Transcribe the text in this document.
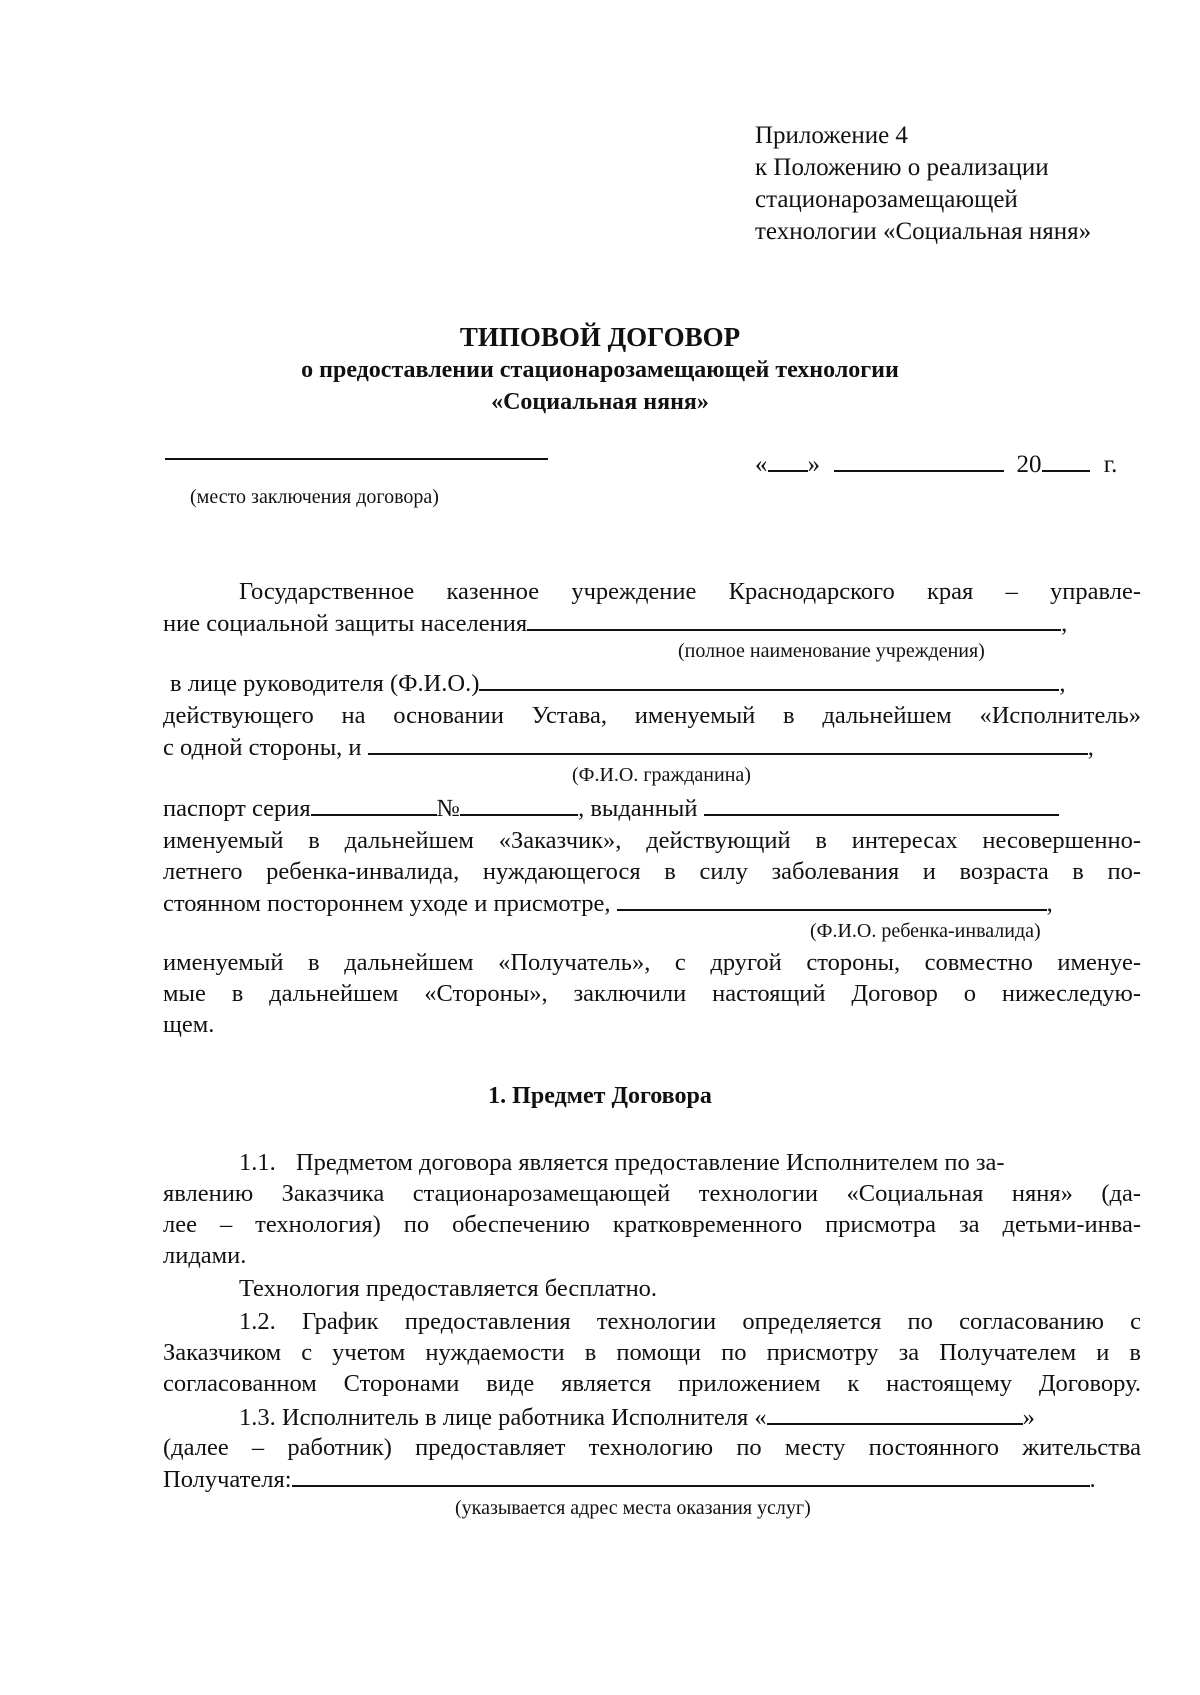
Приложение 4
к Положению о реализации
стационарозамещающей
технологии «Социальная няня»
ТИПОВОЙ ДОГОВОР
о предоставлении стационарозамещающей технологии
«Социальная няня»
(место заключения договора)
« »	20 г.
Государственное казенное учреждение Краснодарского края – управле-
ние социальной защиты населения	,
(полное наименование учреждения)
в лице руководителя (Ф.И.О.)	,
действующего на основании Устава, именуемый в дальнейшем «Исполнитель»
с одной стороны, и	,
(Ф.И.О. гражданина)
паспорт серия	№	, выданный
именуемый в дальнейшем «Заказчик», действующий в интересах несовершенно-
летнего ребенка-инвалида, нуждающегося в силу заболевания и возраста в по-
стоянном постороннем уходе и присмотре,	,
(Ф.И.О. ребенка-инвалида)
именуемый в дальнейшем «Получатель», с другой стороны, совместно именуе-
мые в дальнейшем «Стороны», заключили настоящий Договор о нижеследую-
щем.
1. Предмет Договора
1.1. Предметом договора является предоставление Исполнителем по за-
явлению Заказчика стационарозамещающей технологии «Социальная няня» (да-
лее – технология) по обеспечению кратковременного присмотра за детьми-инва-
лидами.
Технология предоставляется бесплатно.
1.2. График предоставления технологии определяется по согласованию с
Заказчиком с учетом нуждаемости в помощи по присмотру за Получателем и в
согласованном Сторонами виде является приложением к настоящему Договору.
1.3. Исполнитель в лице работника Исполнителя «	»
(далее – работник) предоставляет технологию по месту постоянного жительства
Получателя:	.
(указывается адрес места оказания услуг)
